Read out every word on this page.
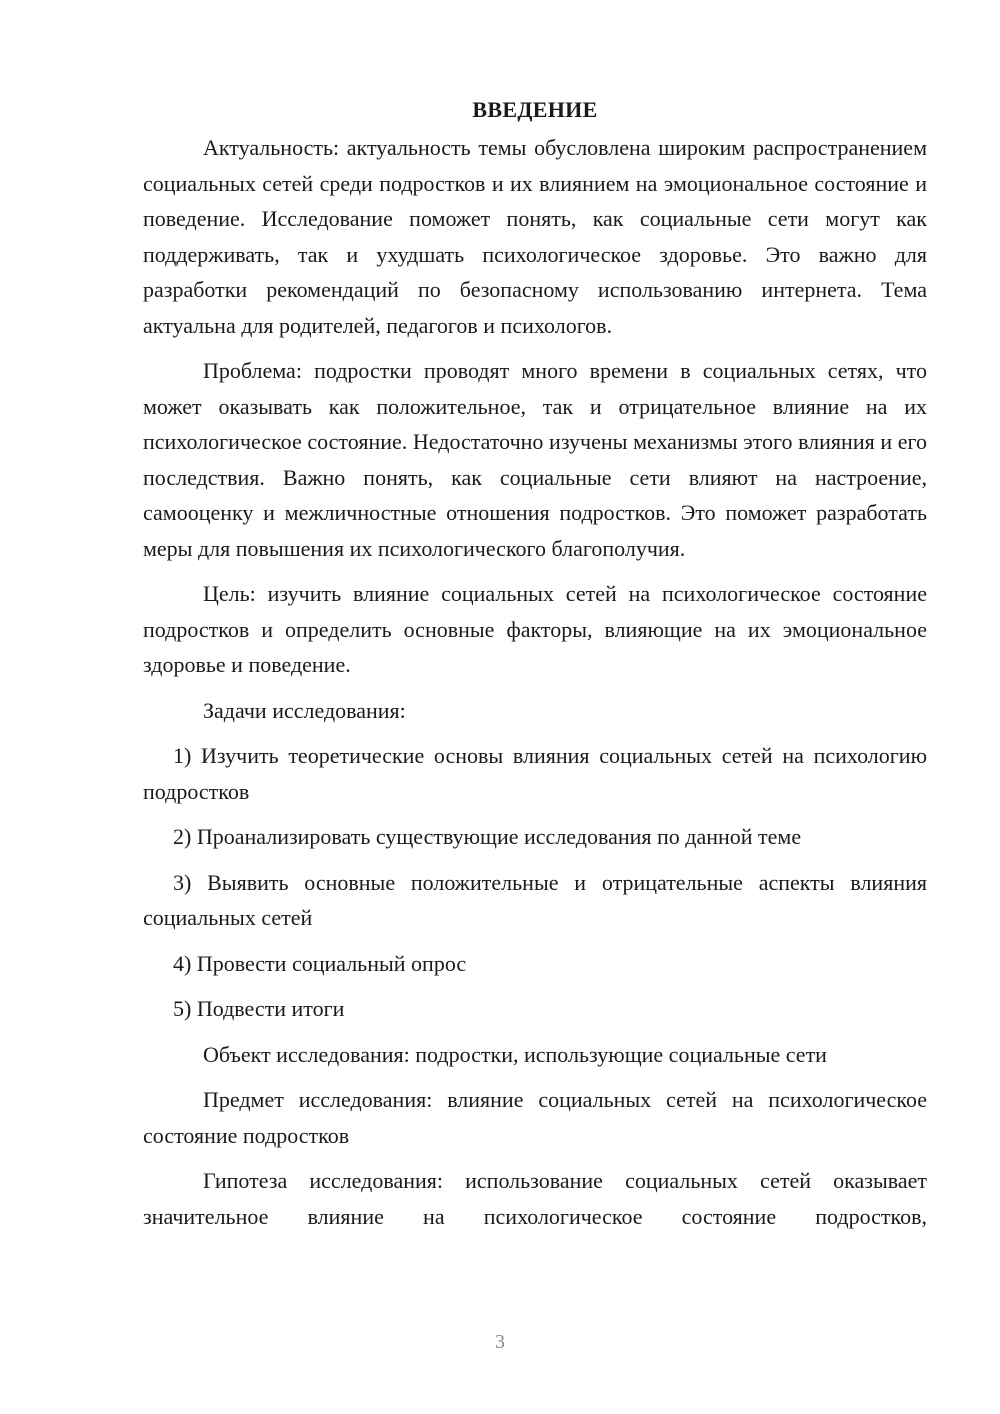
ВВЕДЕНИЕ

Актуальность: актуальность темы обусловлена широким распространением социальных сетей среди подростков и их влиянием на эмоциональное состояние и поведение. Исследование поможет понять, как социальные сети могут как поддерживать, так и ухудшать психологическое здоровье. Это важно для разработки рекомендаций по безопасному использованию интернета. Тема актуальна для родителей, педагогов и психологов.

Проблема: подростки проводят много времени в социальных сетях, что может оказывать как положительное, так и отрицательное влияние на их психологическое состояние. Недостаточно изучены механизмы этого влияния и его последствия. Важно понять, как социальные сети влияют на настроение, самооценку и межличностные отношения подростков. Это поможет разработать меры для повышения их психологического благополучия.

Цель: изучить влияние социальных сетей на психологическое состояние подростков и определить основные факторы, влияющие на их эмоциональное здоровье и поведение.

Задачи исследования:

1) Изучить теоретические основы влияния социальных сетей на психологию подростков

2) Проанализировать существующие исследования по данной теме

3) Выявить основные положительные и отрицательные аспекты влияния социальных сетей

4) Провести социальный опрос

5) Подвести итоги

Объект исследования: подростки, использующие социальные сети

Предмет исследования: влияние социальных сетей на психологическое состояние подростков

Гипотеза исследования: использование социальных сетей оказывает значительное влияние на психологическое состояние подростков,

3
